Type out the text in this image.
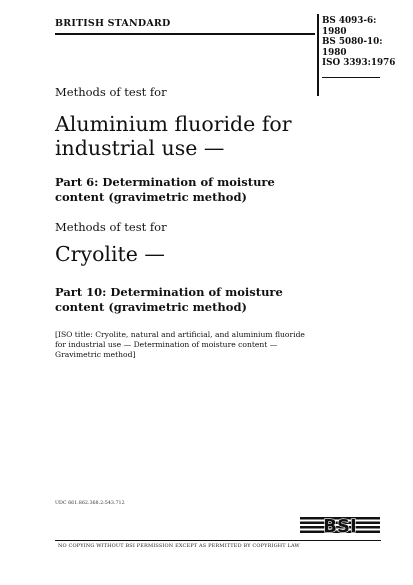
BRITISH STANDARD	BS 4093-6:
1980
BS 5080-10:
1980
ISO 3393:1976
Methods of test for
Aluminium fluoride for
industrial use —
Part 6: Determination of moisture
content (gravimetric method)
Methods of test for
Cryolite —
Part 10: Determination of moisture
content (gravimetric method)
[ISO title: Cryolite, natural and artificial, and aluminium fluoride
for industrial use — Determination of moisture content —
Gravimetric method]
UDC 661.862.368.2:543.712
BSI
NO COPYING WITHOUT BSI PERMISSION EXCEPT AS PERMITTED BY COPYRIGHT LAW
